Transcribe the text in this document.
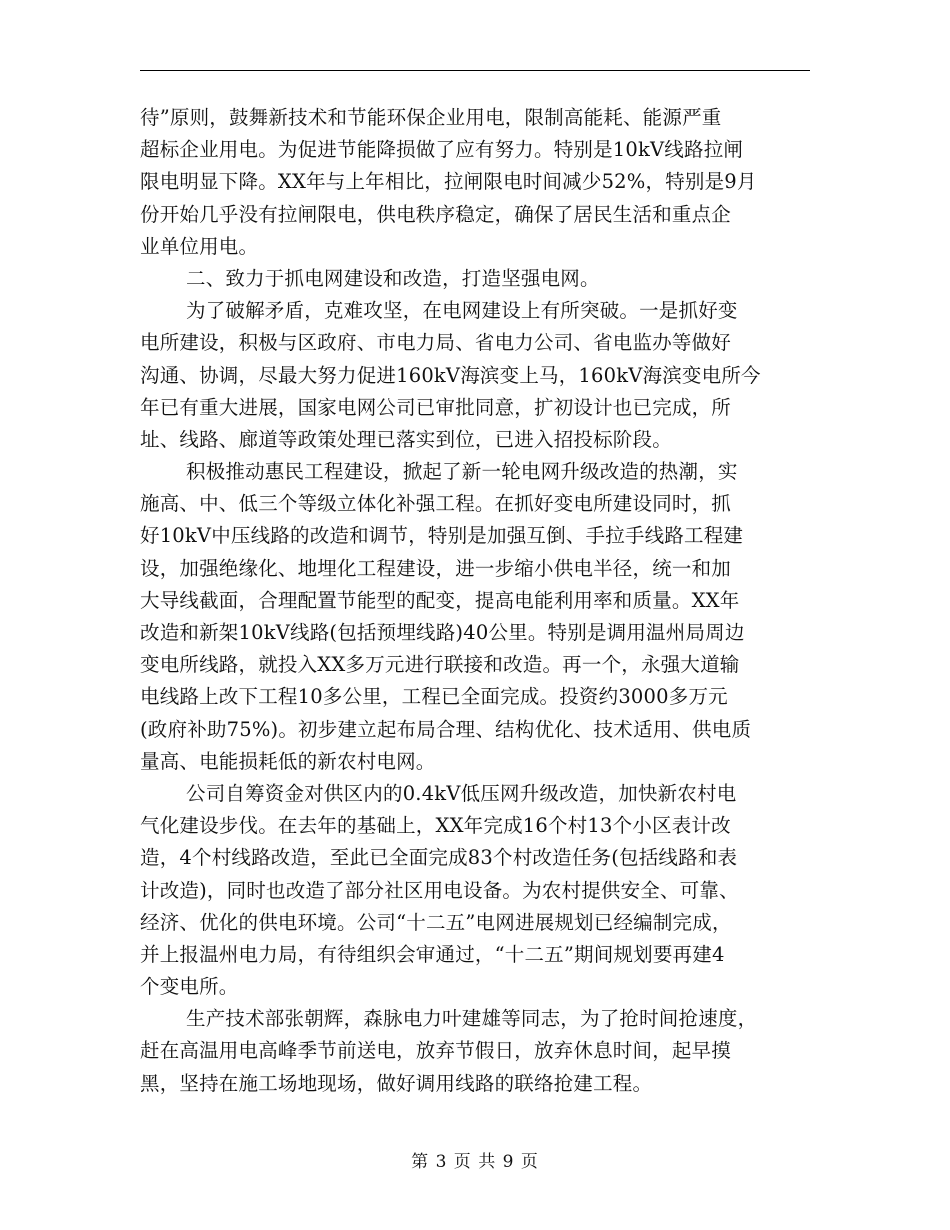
待”原则，鼓舞新技术和节能环保企业用电，限制高能耗、能源严重
超标企业用电。为促进节能降损做了应有努力。特别是10kV线路拉闸
限电明显下降。XX年与上年相比，拉闸限电时间减少52%，特别是9月
份开始几乎没有拉闸限电，供电秩序稳定，确保了居民生活和重点企
业单位用电。
二、致力于抓电网建设和改造，打造坚强电网。
为了破解矛盾，克难攻坚，在电网建设上有所突破。一是抓好变
电所建设，积极与区政府、市电力局、省电力公司、省电监办等做好
沟通、协调，尽最大努力促进160kV海滨变上马，160kV海滨变电所今
年已有重大进展，国家电网公司已审批同意，扩初设计也已完成，所
址、线路、廊道等政策处理已落实到位，已进入招投标阶段。
积极推动惠民工程建设，掀起了新一轮电网升级改造的热潮，实
施高、中、低三个等级立体化补强工程。在抓好变电所建设同时，抓
好10kV中压线路的改造和调节，特别是加强互倒、手拉手线路工程建
设，加强绝缘化、地埋化工程建设，进一步缩小供电半径，统一和加
大导线截面，合理配置节能型的配变，提高电能利用率和质量。XX年
改造和新架10kV线路(包括预埋线路)40公里。特别是调用温州局周边
变电所线路，就投入XX多万元进行联接和改造。再一个，永强大道输
电线路上改下工程10多公里，工程已全面完成。投资约3000多万元
(政府补助75%)。初步建立起布局合理、结构优化、技术适用、供电质
量高、电能损耗低的新农村电网。
公司自筹资金对供区内的0.4kV低压网升级改造，加快新农村电
气化建设步伐。在去年的基础上，XX年完成16个村13个小区表计改
造，4个村线路改造，至此已全面完成83个村改造任务(包括线路和表
计改造)，同时也改造了部分社区用电设备。为农村提供安全、可靠、
经济、优化的供电环境。公司“十二五”电网进展规划已经编制完成，
并上报温州电力局，有待组织会审通过，“十二五”期间规划要再建4
个变电所。
生产技术部张朝辉，森脉电力叶建雄等同志，为了抢时间抢速度，
赶在高温用电高峰季节前送电，放弃节假日，放弃休息时间，起早摸
黑，坚持在施工场地现场，做好调用线路的联络抢建工程。
第 3 页 共 9 页
